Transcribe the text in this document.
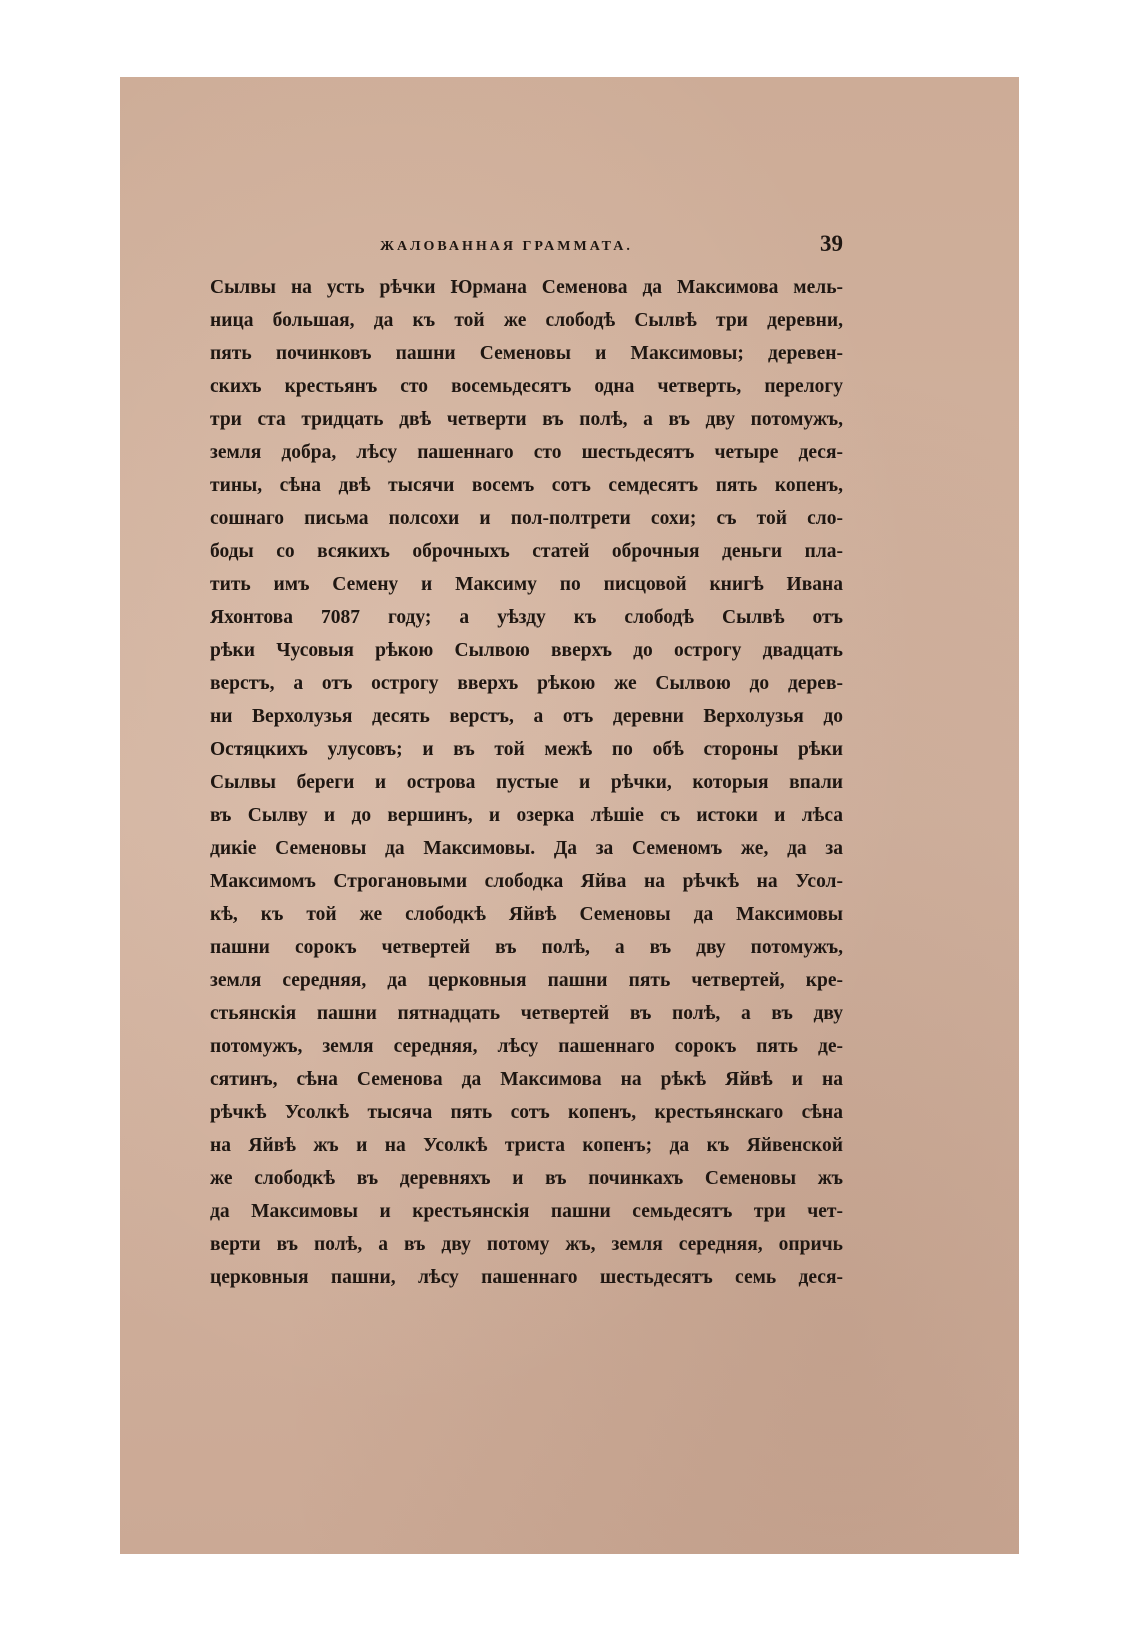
ЖАЛОВАННАЯ ГРАММАТА.	39
Сылвы на усть рѣчки Юрмана Семенова да Максимова мель-
ница большая, да къ той же слободѣ Сылвѣ три деревни,
пять починковъ пашни Семеновы и Максимовы; деревен-
скихъ крестьянъ сто восемьдесятъ одна четверть, перелогу
три ста тридцать двѣ четверти въ полѣ, а въ дву потомужъ,
земля добра, лѣсу пашеннаго сто шестьдесятъ четыре деся-
тины, сѣна двѣ тысячи восемъ сотъ семдесятъ пять копенъ,
сошнаго письма полсохи и пол-полтрети сохи; съ той сло-
боды со всякихъ оброчныхъ статей оброчныя деньги пла-
тить имъ Семену и Максиму по писцовой книгѣ Ивана
Яхонтова 7087 году; а уѣзду къ слободѣ Сылвѣ отъ
рѣки Чусовыя рѣкою Сылвою вверхъ до острогу двадцать
верстъ, а отъ острогу вверхъ рѣкою же Сылвою до дерев-
ни Верхолузья десять верстъ, а отъ деревни Верхолузья до
Остяцкихъ улусовъ; и въ той межѣ по обѣ стороны рѣки
Сылвы береги и острова пустые и рѣчки, которыя впали
въ Сылву и до вершинъ, и озерка лѣшіе съ истоки и лѣса
дикіе Семеновы да Максимовы. Да за Семеномъ же, да за
Максимомъ Строгановыми слободка Яйва на рѣчкѣ на Усол-
кѣ, къ той же слободкѣ Яйвѣ Семеновы да Максимовы
пашни сорокъ четвертей въ полѣ, а въ дву потомужъ,
земля середняя, да церковныя пашни пять четвертей, кре-
стьянскія пашни пятнадцать четвертей въ полѣ, а въ дву
потомужъ, земля середняя, лѣсу пашеннаго сорокъ пять де-
сятинъ, сѣна Семенова да Максимова на рѣкѣ Яйвѣ и на
рѣчкѣ Усолкѣ тысяча пять сотъ копенъ, крестьянскаго сѣна
на Яйвѣ жъ и на Усолкѣ триста копенъ; да къ Яйвенской
же слободкѣ въ деревняхъ и въ починкахъ Семеновы жъ
да Максимовы и крестьянскія пашни семьдесятъ три чет-
верти въ полѣ, а въ дву потому жъ, земля середняя, опричь
церковныя пашни, лѣсу пашеннаго шестьдесятъ семь деся-
